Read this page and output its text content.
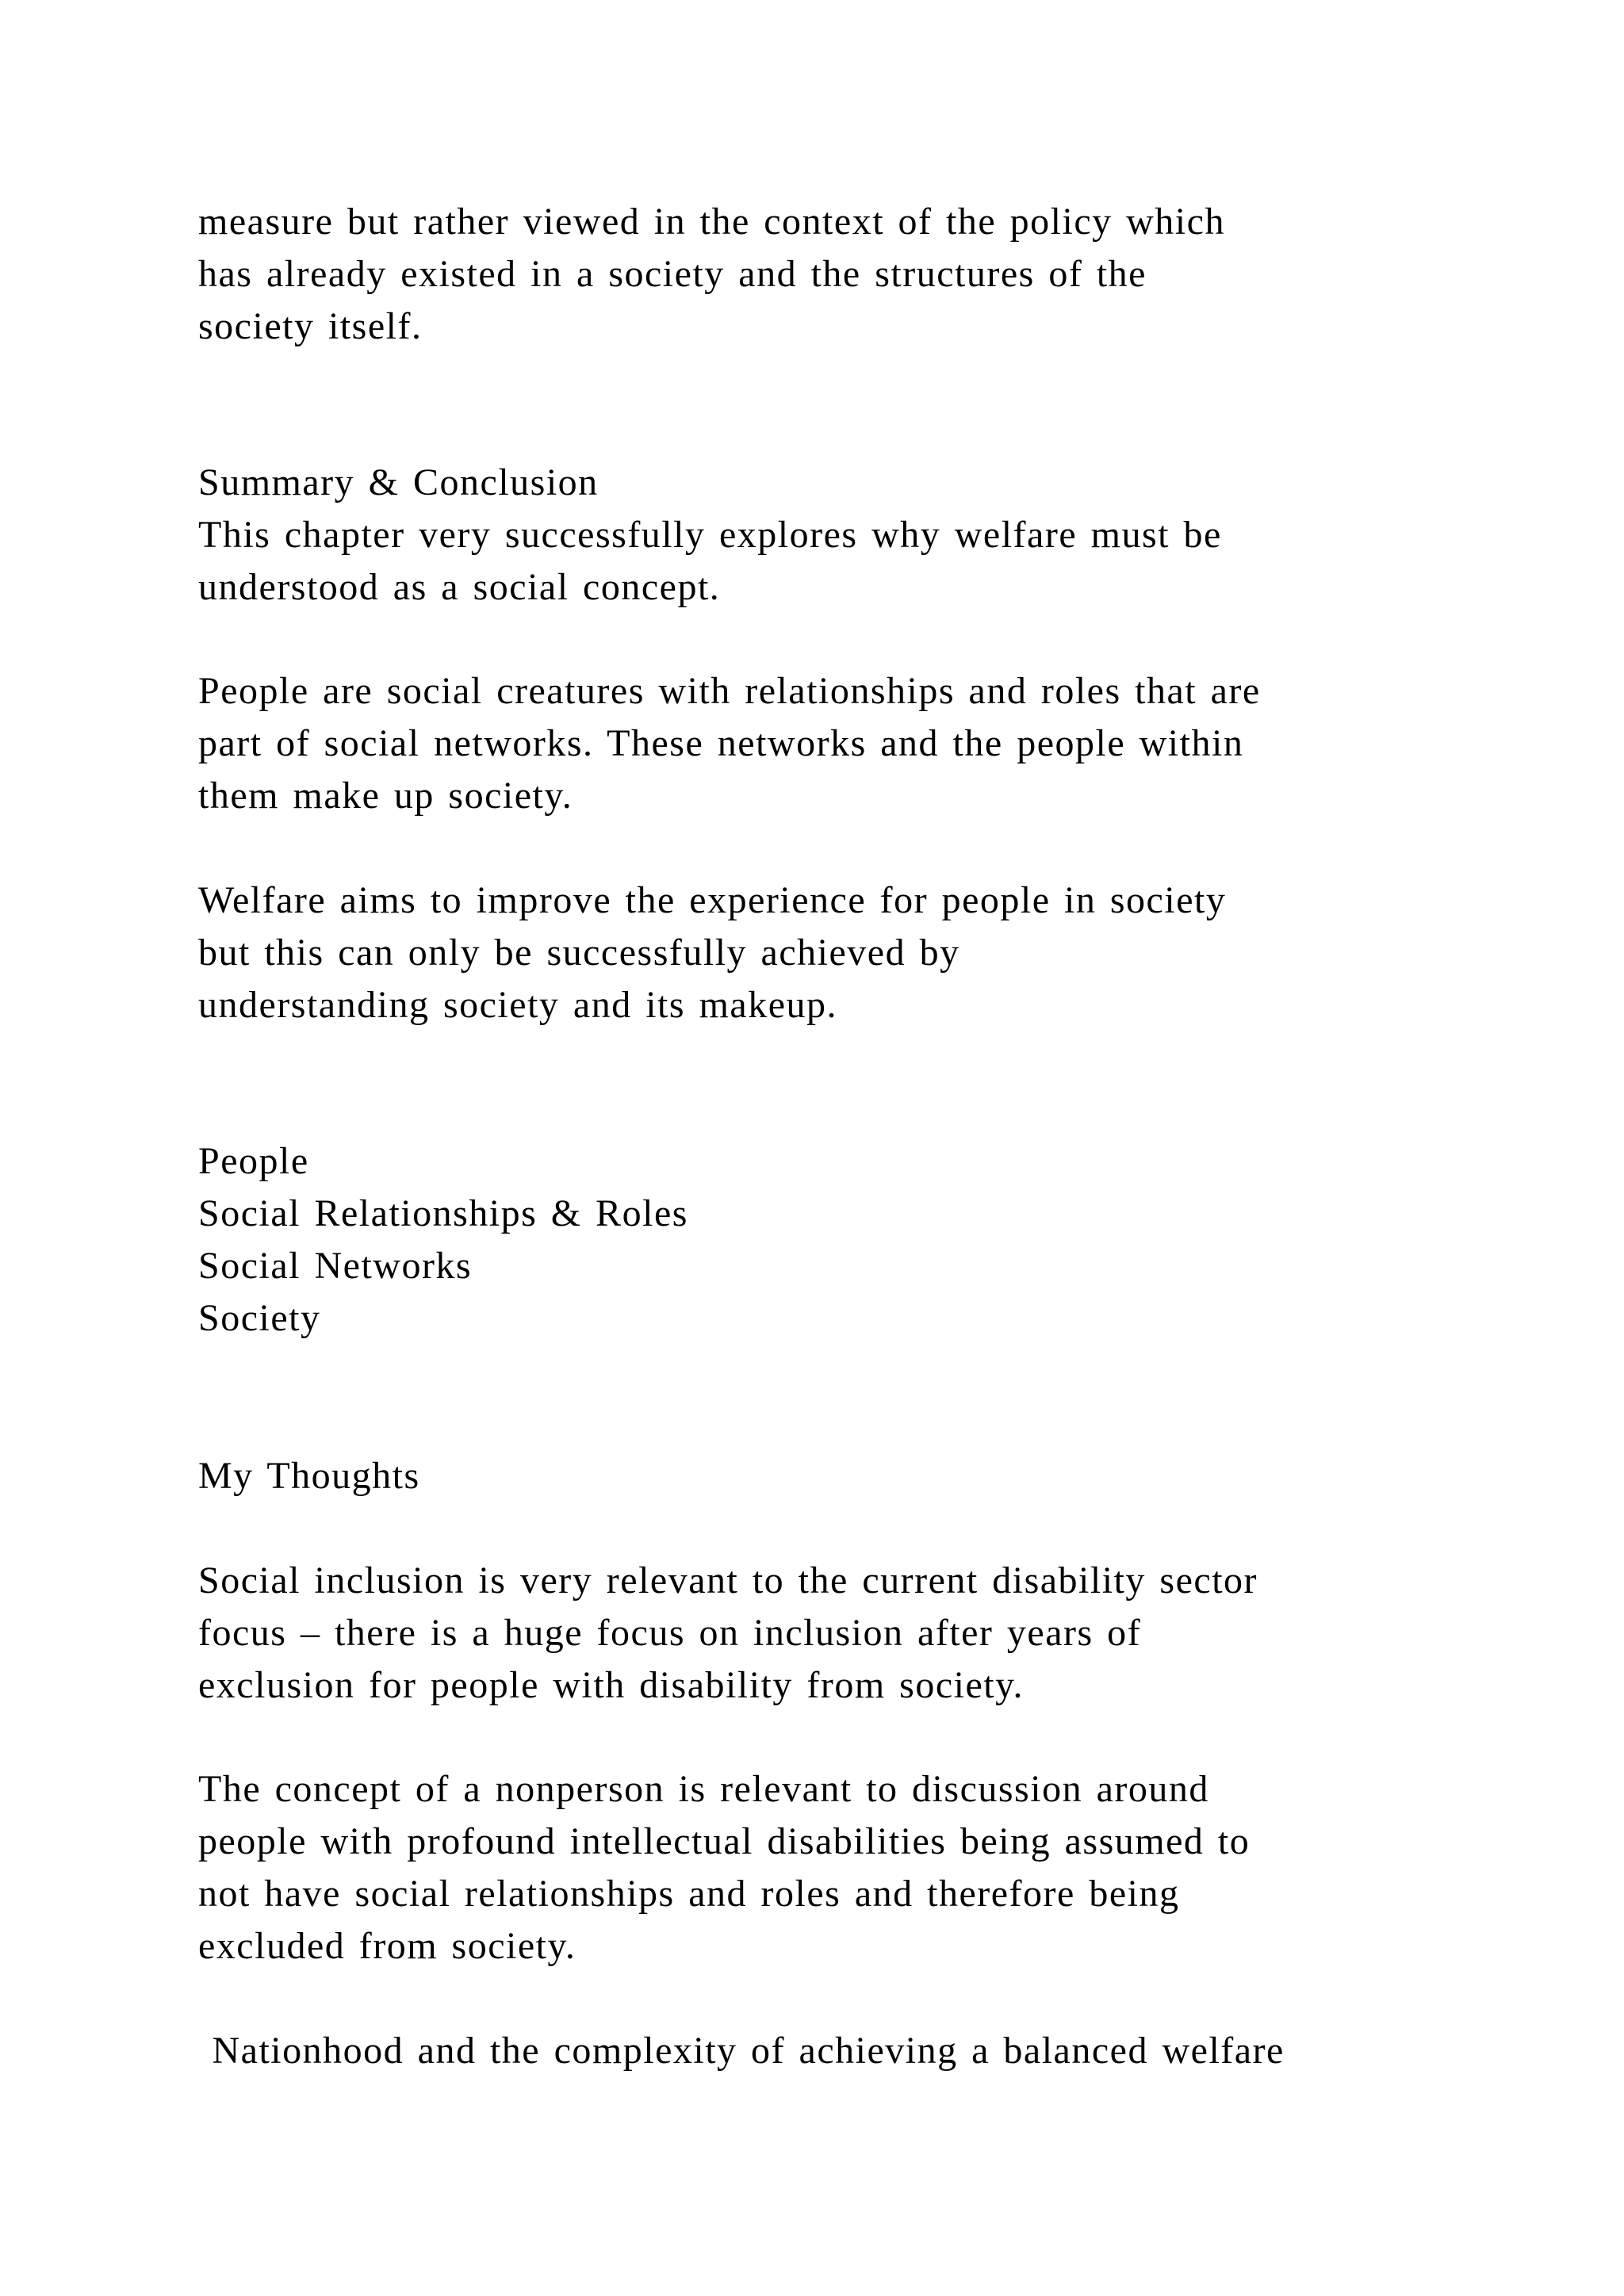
measure but rather viewed in the context of the policy which

has already existed in a society and the structures of the

society itself.

Summary & Conclusion

This chapter very successfully explores why welfare must be

understood as a social concept.

People are social creatures with relationships and roles that are

part of social networks. These networks and the people within

them make up society.

Welfare aims to improve the experience for people in society

but this can only be successfully achieved by

understanding society and its makeup.

People

Social Relationships & Roles

Social Networks

Society

My Thoughts

Social inclusion is very relevant to the current disability sector

focus – there is a huge focus on inclusion after years of

exclusion for people with disability from society.

The concept of a nonperson is relevant to discussion around

people with profound intellectual disabilities being assumed to

not have social relationships and roles and therefore being

excluded from society.

Nationhood and the complexity of achieving a balanced welfare
